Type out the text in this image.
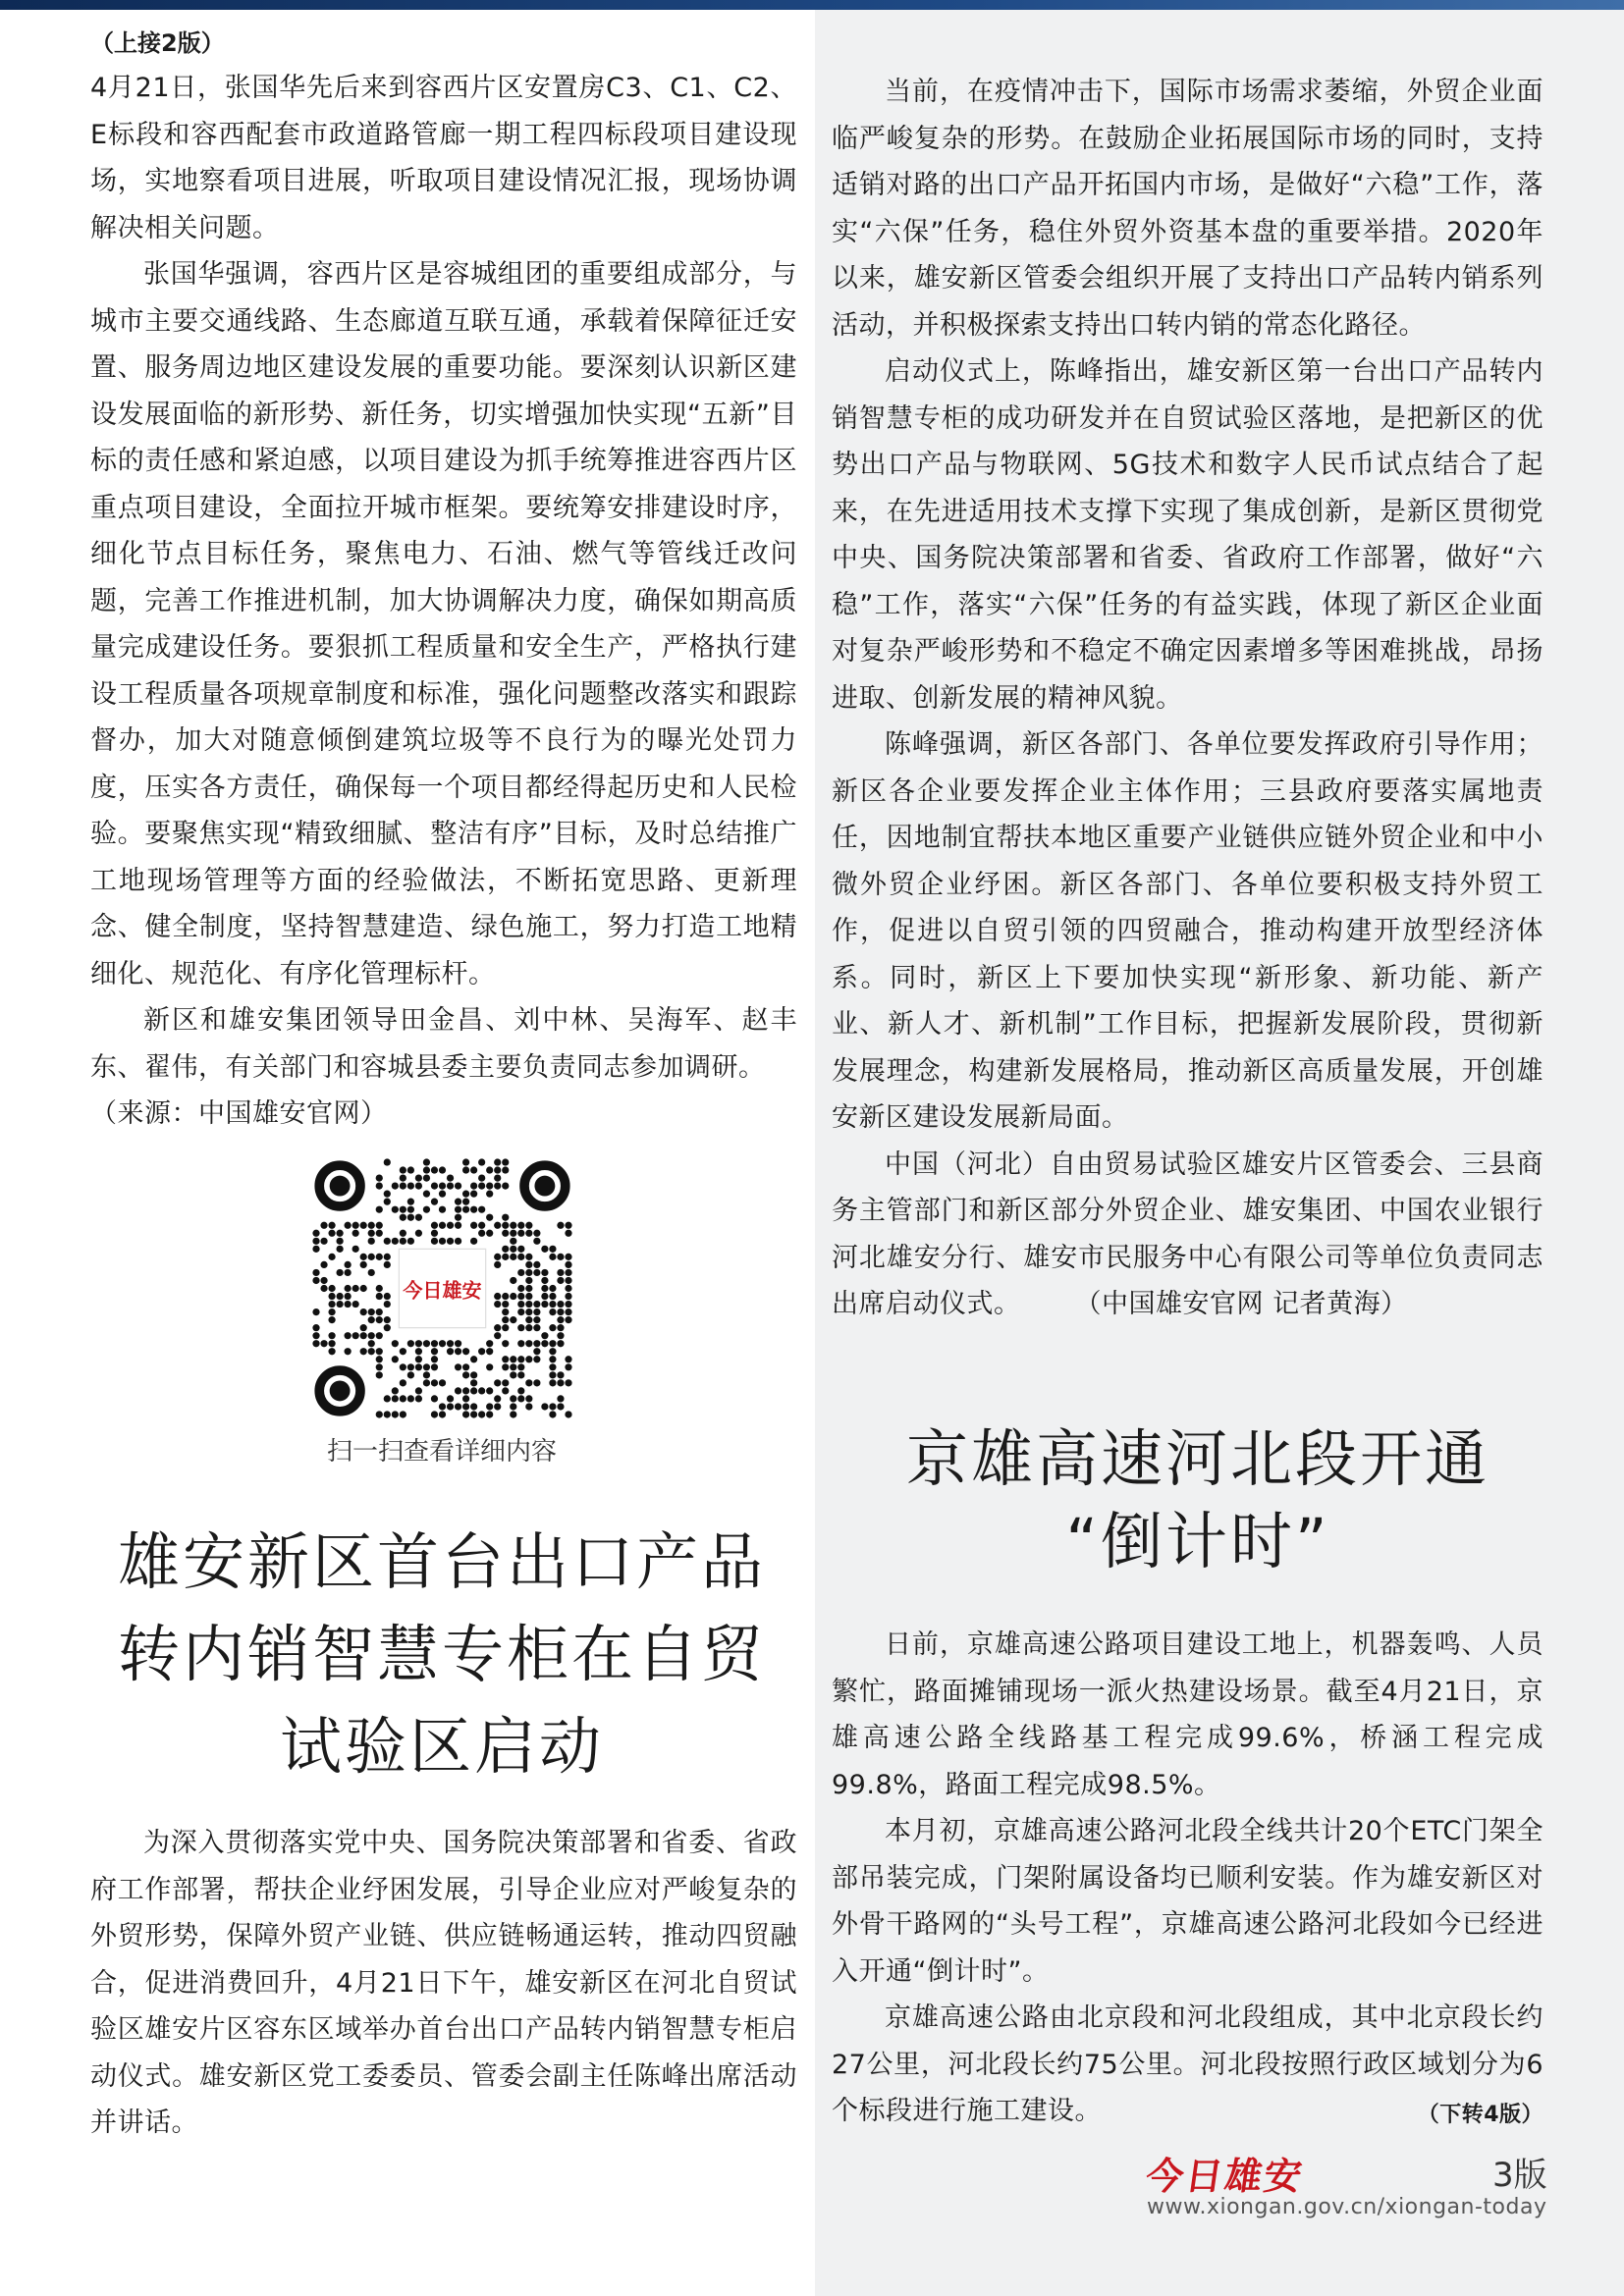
（上接2版）

4月21日，张国华先后来到容西片区安置房C3、C1、C2、E标段和容西配套市政道路管廊一期工程四标段项目建设现场，实地察看项目进展，听取项目建设情况汇报，现场协调解决相关问题。

张国华强调，容西片区是容城组团的重要组成部分，与城市主要交通线路、生态廊道互联互通，承载着保障征迁安置、服务周边地区建设发展的重要功能。要深刻认识新区建设发展面临的新形势、新任务，切实增强加快实现“五新”目标的责任感和紧迫感，以项目建设为抓手统筹推进容西片区重点项目建设，全面拉开城市框架。要统筹安排建设时序，细化节点目标任务，聚焦电力、石油、燃气等管线迁改问题，完善工作推进机制，加大协调解决力度，确保如期高质量完成建设任务。要狠抓工程质量和安全生产，严格执行建设工程质量各项规章制度和标准，强化问题整改落实和跟踪督办，加大对随意倾倒建筑垃圾等不良行为的曝光处罚力度，压实各方责任，确保每一个项目都经得起历史和人民检验。要聚焦实现“精致细腻、整洁有序”目标，及时总结推广工地现场管理等方面的经验做法，不断拓宽思路、更新理念、健全制度，坚持智慧建造、绿色施工，努力打造工地精细化、规范化、有序化管理标杆。

新区和雄安集团领导田金昌、刘中林、吴海军、赵丰东、翟伟，有关部门和容城县委主要负责同志参加调研。

（来源：中国雄安官网）

今日雄安
扫一扫查看详细内容
雄安新区首台出口产品
转内销智慧专柜在自贸
试验区启动

为深入贯彻落实党中央、国务院决策部署和省委、省政府工作部署，帮扶企业纾困发展，引导企业应对严峻复杂的外贸形势，保障外贸产业链、供应链畅通运转，推动四贸融合，促进消费回升，4月21日下午，雄安新区在河北自贸试验区雄安片区容东区域举办首台出口产品转内销智慧专柜启动仪式。雄安新区党工委委员、管委会副主任陈峰出席活动并讲话。

当前，在疫情冲击下，国际市场需求萎缩，外贸企业面临严峻复杂的形势。在鼓励企业拓展国际市场的同时，支持适销对路的出口产品开拓国内市场，是做好“六稳”工作，落实“六保”任务，稳住外贸外资基本盘的重要举措。2020年以来，雄安新区管委会组织开展了支持出口产品转内销系列活动，并积极探索支持出口转内销的常态化路径。

启动仪式上，陈峰指出，雄安新区第一台出口产品转内销智慧专柜的成功研发并在自贸试验区落地，是把新区的优势出口产品与物联网、5G技术和数字人民币试点结合了起来，在先进适用技术支撑下实现了集成创新，是新区贯彻党中央、国务院决策部署和省委、省政府工作部署，做好“六稳”工作，落实“六保”任务的有益实践，体现了新区企业面对复杂严峻形势和不稳定不确定因素增多等困难挑战，昂扬进取、创新发展的精神风貌。

陈峰强调，新区各部门、各单位要发挥政府引导作用；新区各企业要发挥企业主体作用；三县政府要落实属地责任，因地制宜帮扶本地区重要产业链供应链外贸企业和中小微外贸企业纾困。新区各部门、各单位要积极支持外贸工作，促进以自贸引领的四贸融合，推动构建开放型经济体系。同时，新区上下要加快实现“新形象、新功能、新产业、新人才、新机制”工作目标，把握新发展阶段，贯彻新发展理念，构建新发展格局，推动新区高质量发展，开创雄安新区建设发展新局面。

中国（河北）自由贸易试验区雄安片区管委会、三县商务主管部门和新区部分外贸企业、雄安集团、中国农业银行河北雄安分行、雄安市民服务中心有限公司等单位负责同志出席启动仪式。   （中国雄安官网 记者黄海）

京雄高速河北段开通
“倒计时”

日前，京雄高速公路项目建设工地上，机器轰鸣、人员繁忙，路面摊铺现场一派火热建设场景。截至4月21日，京雄高速公路全线路基工程完成99.6%，桥涵工程完成99.8%，路面工程完成98.5%。

本月初，京雄高速公路河北段全线共计20个ETC门架全部吊装完成，门架附属设备均已顺利安装。作为雄安新区对外骨干路网的“头号工程”，京雄高速公路河北段如今已经进入开通“倒计时”。

京雄高速公路由北京段和河北段组成，其中北京段长约27公里，河北段长约75公里。河北段按照行政区域划分为6个标段进行施工建设。	（下转4版）

今日雄安	3版
www.xiongan.gov.cn/xiongan-today
